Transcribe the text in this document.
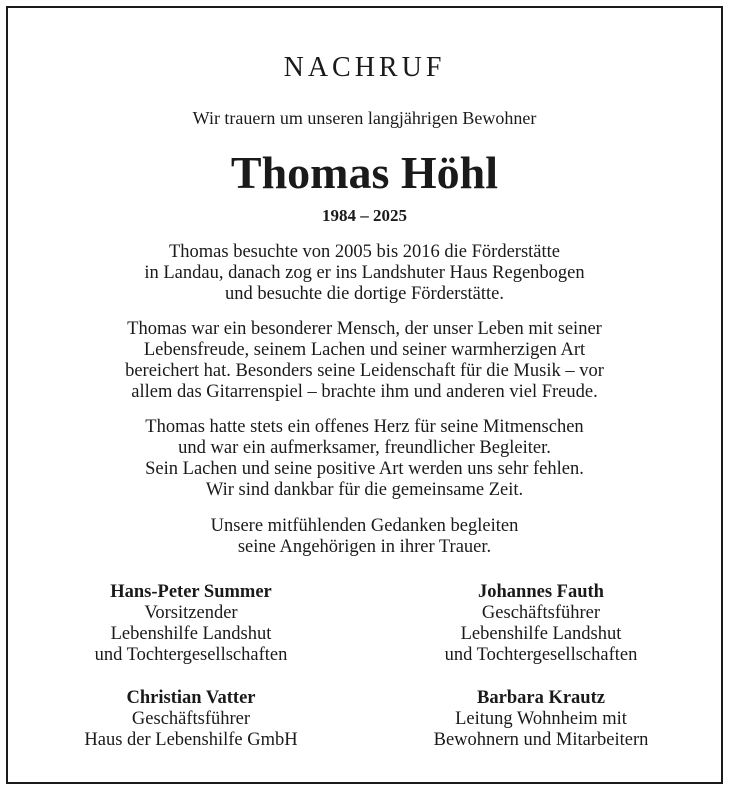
NACHRUF
Wir trauern um unseren langjährigen Bewohner
Thomas Höhl
1984 – 2025
Thomas besuchte von 2005 bis 2016 die Förderstätte
in Landau, danach zog er ins Landshuter Haus Regenbogen
und besuchte die dortige Förderstätte.
Thomas war ein besonderer Mensch, der unser Leben mit seiner
Lebensfreude, seinem Lachen und seiner warmherzigen Art
bereichert hat. Besonders seine Leidenschaft für die Musik – vor
allem das Gitarrenspiel – brachte ihm und anderen viel Freude.
Thomas hatte stets ein offenes Herz für seine Mitmenschen
und war ein aufmerksamer, freundlicher Begleiter.
Sein Lachen und seine positive Art werden uns sehr fehlen.
Wir sind dankbar für die gemeinsame Zeit.
Unsere mitfühlenden Gedanken begleiten
seine Angehörigen in ihrer Trauer.
Hans-Peter Summer
Vorsitzender
Lebenshilfe Landshut
und Tochtergesellschaften
Johannes Fauth
Geschäftsführer
Lebenshilfe Landshut
und Tochtergesellschaften
Christian Vatter
Geschäftsführer
Haus der Lebenshilfe GmbH
Barbara Krautz
Leitung Wohnheim mit
Bewohnern und Mitarbeitern
